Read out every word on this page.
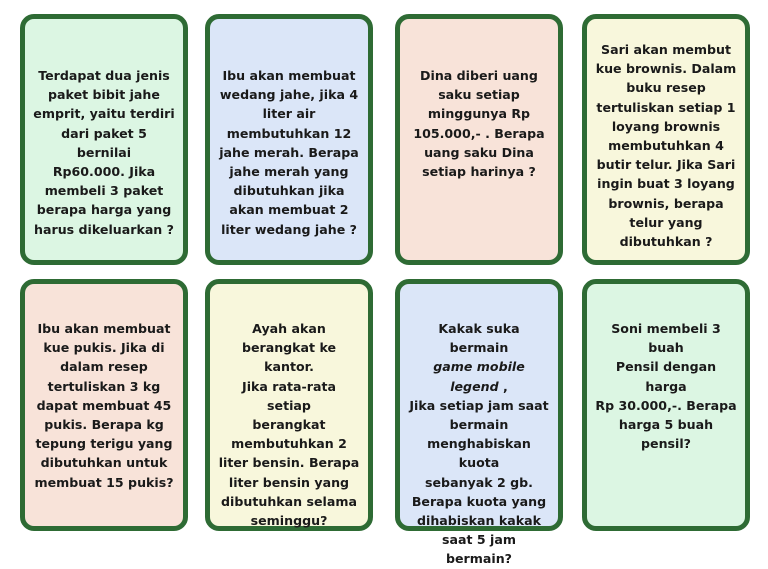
Terdapat dua jenis
paket bibit jahe
emprit, yaitu terdiri
dari paket 5 bernilai
Rp60.000. Jika
membeli 3 paket
berapa harga yang
harus dikeluarkan ?

Ibu akan membuat
wedang jahe, jika 4
liter air
membutuhkan 12
jahe merah. Berapa
jahe merah yang
dibutuhkan jika
akan membuat 2
liter wedang jahe ?

Dina diberi uang
saku setiap
minggunya Rp
105.000,- . Berapa
uang saku Dina
setiap harinya ?

Sari akan membut
kue brownis. Dalam
buku resep
tertuliskan setiap 1
loyang brownis
membutuhkan 4
butir telur. Jika Sari
ingin buat 3 loyang
brownis, berapa
telur yang
dibutuhkan ?

Ibu akan membuat
kue pukis. Jika di
dalam resep
tertuliskan 3 kg
dapat membuat 45
pukis. Berapa kg
tepung terigu yang
dibutuhkan untuk
membuat 15 pukis?

Ayah akan
berangkat ke kantor.
Jika rata-rata setiap
berangkat
membutuhkan 2
liter bensin. Berapa
liter bensin yang
dibutuhkan selama
seminggu?

Kakak suka bermain
game mobile legend ,
Jika setiap jam saat
bermain
menghabiskan kuota
sebanyak 2 gb.
Berapa kuota yang
dihabiskan kakak
saat 5 jam bermain?

Soni membeli 3 buah
Pensil dengan harga
Rp 30.000,-. Berapa
harga 5 buah pensil?
